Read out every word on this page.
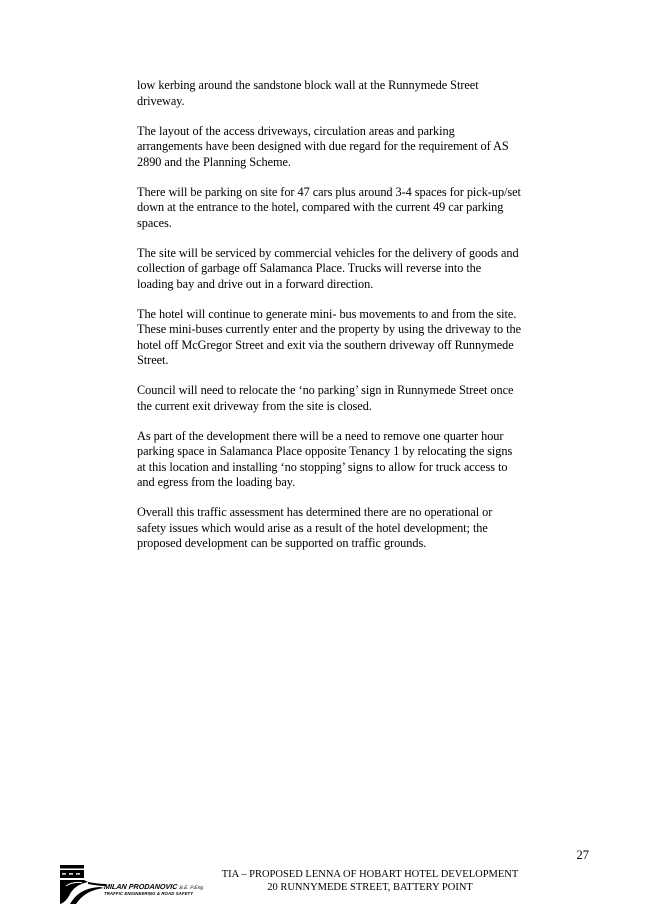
low kerbing around the sandstone block wall at the Runnymede Street
driveway.

The layout of the access driveways, circulation areas and parking
arrangements have been designed with due regard for the requirement of AS
2890 and the Planning Scheme.

There will be parking on site for 47 cars plus around 3-4 spaces for pick-up/set
down at the entrance to the hotel, compared with the current 49 car parking
spaces.

The site will be serviced by commercial vehicles for the delivery of goods and
collection of garbage off Salamanca Place. Trucks will reverse into the
loading bay and drive out in a forward direction.

The hotel will continue to generate mini- bus movements to and from the site.
These mini-buses currently enter and the property by using the driveway to the
hotel off McGregor Street and exit via the southern driveway off Runnymede
Street.

Council will need to relocate the ‘no parking’ sign in Runnymede Street once
the current exit driveway from the site is closed.

As part of the development there will be a need to remove one quarter hour
parking space in Salamanca Place opposite Tenancy 1 by relocating the signs
at this location and installing ‘no stopping’ signs to allow for truck access to
and egress from the loading bay.

Overall this traffic assessment has determined there are no operational or
safety issues which would arise as a result of the hotel development; the
proposed development can be supported on traffic grounds.

27
MILAN PRODANOVICB.E. P.Eng
TRAFFIC ENGINEERING & ROAD SAFETY
TIA – PROPOSED LENNA OF HOBART HOTEL DEVELOPMENT
20 RUNNYMEDE STREET, BATTERY POINT
